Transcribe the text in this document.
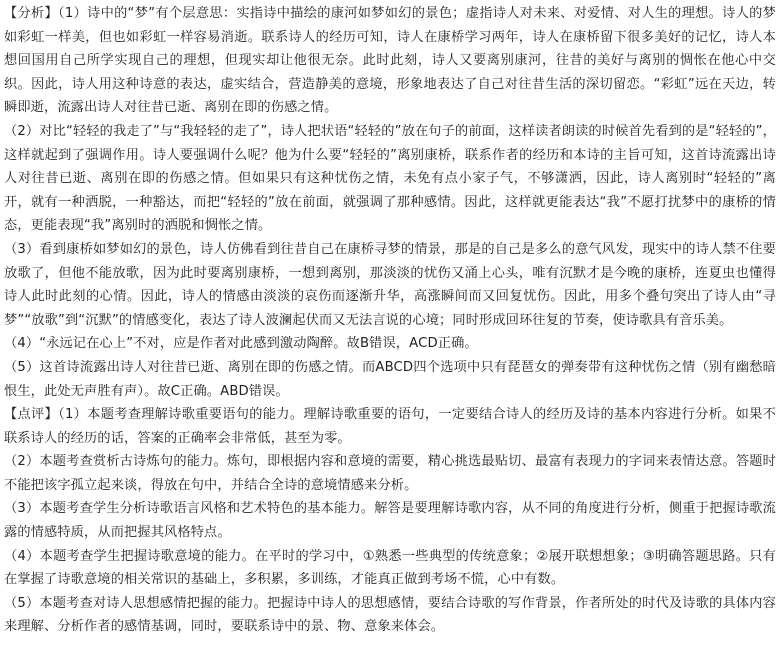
【分析】（1）诗中的“梦”有个层意思：实指诗中描绘的康河如梦如幻的景色；虚指诗人对未来、对爱情、对人生的理想。诗人的梦如彩虹一样美，但也如彩虹一样容易消逝。联系诗人的经历可知，诗人在康桥学习两年，诗人在康桥留下很多美好的记忆，诗人本想回国用自己所学实现自己的理想，但现实却让他很无奈。此时此刻，诗人又要离别康河，往昔的美好与离别的惆怅在他心中交织。因此，诗人用这种诗意的表达，虚实结合，营造静美的意境，形象地表达了自己对往昔生活的深切留恋。“彩虹”远在天边，转瞬即逝，流露出诗人对往昔已逝、离别在即的伤感之情。

（2）对比“轻轻的我走了”与“我轻轻的走了”，诗人把状语“轻轻的”放在句子的前面，这样读者朗读的时候首先看到的是“轻轻的”，这样就起到了强调作用。诗人要强调什么呢？他为什么要“轻轻的”离别康桥，联系作者的经历和本诗的主旨可知，这首诗流露出诗人对往昔已逝、离别在即的伤感之情。但如果只有这种忧伤之情，未免有点小家子气，不够潇洒，因此，诗人离别时“轻轻的”离开，就有一种洒脱，一种豁达，而把“轻轻的”放在前面，就强调了那种感情。因此，这样就更能表达“我”不愿打扰梦中的康桥的情态，更能表现“我”离别时的洒脱和惆怅之情。

（3）看到康桥如梦如幻的景色，诗人仿佛看到往昔自己在康桥寻梦的情景，那是的自己是多么的意气风发，现实中的诗人禁不住要放歌了，但他不能放歌，因为此时要离别康桥，一想到离别，那淡淡的忧伤又涌上心头，唯有沉默才是今晚的康桥，连夏虫也懂得诗人此时此刻的心情。因此，诗人的情感由淡淡的哀伤而逐渐升华，高涨瞬间而又回复忧伤。因此，用多个叠句突出了诗人由“寻梦”“放歌”到“沉默”的情感变化，表达了诗人波澜起伏而又无法言说的心境；同时形成回环往复的节奏，使诗歌具有音乐美。

（4）“永远记在心上”不对，应是作者对此感到激动陶醉。故B错误，ACD正确。

（5）这首诗流露出诗人对往昔已逝、离别在即的伤感之情。而ABCD四个选项中只有琵琶女的弹奏带有这种忧伤之情（别有幽愁暗恨生，此处无声胜有声）。故C正确。ABD错误。

【点评】（1）本题考查理解诗歌重要语句的能力。理解诗歌重要的语句，一定要结合诗人的经历及诗的基本内容进行分析。如果不联系诗人的经历的话，答案的正确率会非常低，甚至为零。

（2）本题考查赏析古诗炼句的能力。炼句，即根据内容和意境的需要，精心挑选最贴切、最富有表现力的字词来表情达意。答题时不能把该字孤立起来谈，得放在句中，并结合全诗的意境情感来分析。

（3）本题考查学生分析诗歌语言风格和艺术特色的基本能力。解答是要理解诗歌内容，从不同的角度进行分析，侧重于把握诗歌流露的情感特质，从而把握其风格特点。

（4）本题考查学生把握诗歌意境的能力。在平时的学习中，①熟悉一些典型的传统意象；②展开联想想象；③明确答题思路。只有在掌握了诗歌意境的相关常识的基础上，多积累，多训练，才能真正做到考场不慌，心中有数。

（5）本题考查对诗人思想感情把握的能力。把握诗中诗人的思想感情，要结合诗歌的写作背景，作者所处的时代及诗歌的具体内容来理解、分析作者的感情基调，同时，要联系诗中的景、物、意象来体会。
